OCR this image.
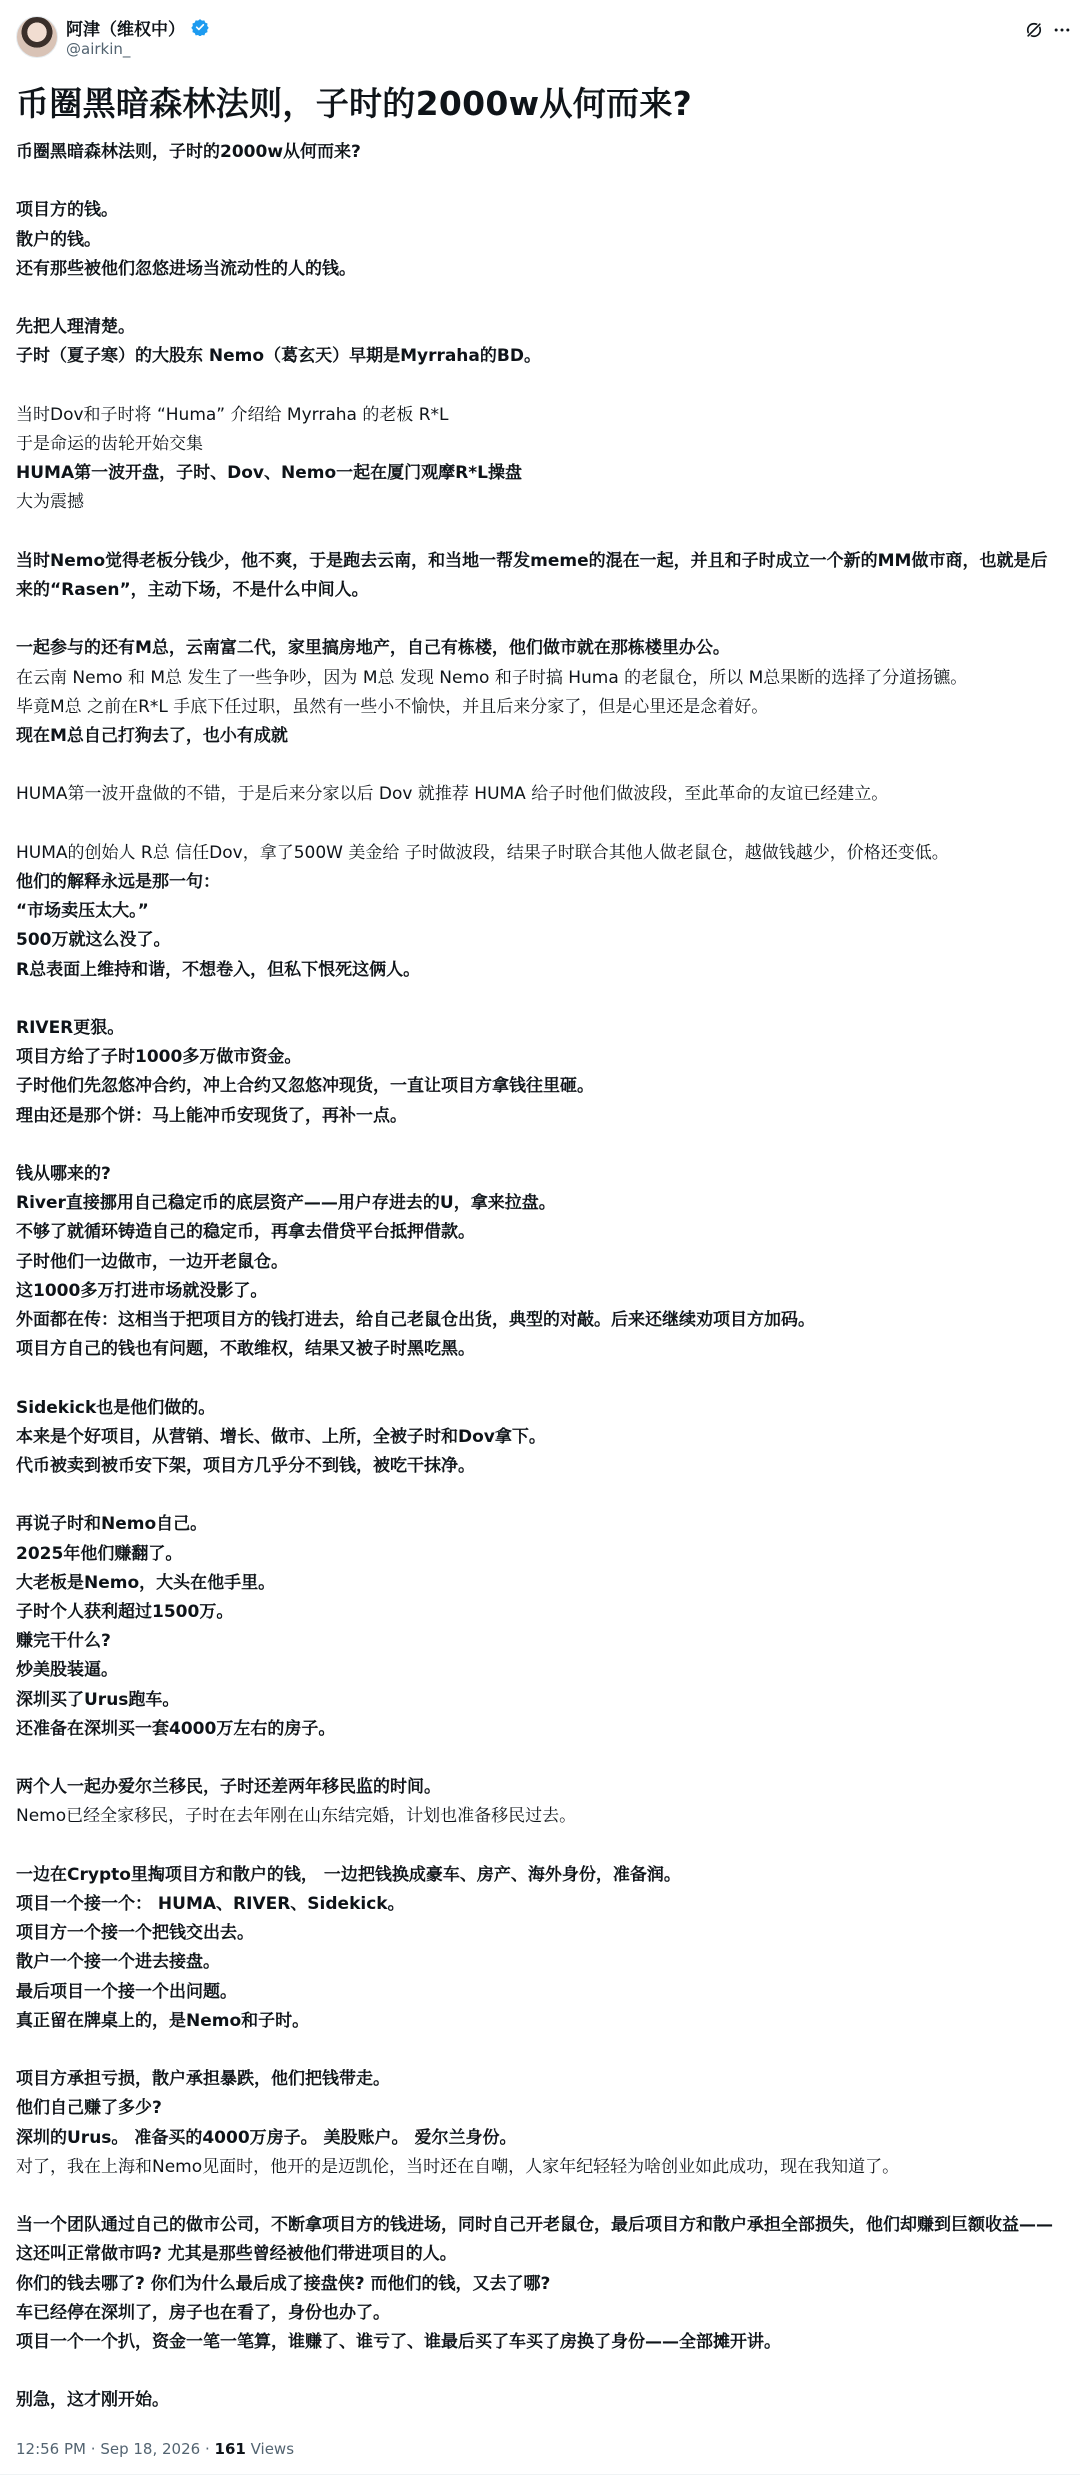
阿津（维权中）
@airkin_
币圈黑暗森林法则，子时的2000w从何而来?
币圈黑暗森林法则，子时的2000w从何而来?
项目方的钱。
散户的钱。
还有那些被他们忽悠进场当流动性的人的钱。
先把人理清楚。
子时（夏子寒）的大股东 Nemo（葛玄天）早期是Myrraha的BD。
当时Dov和子时将 “Huma” 介绍给 Myrraha 的老板 R*L
于是命运的齿轮开始交集
HUMA第一波开盘，子时、Dov、Nemo一起在厦门观摩R*L操盘
大为震撼
当时Nemo觉得老板分钱少，他不爽，于是跑去云南，和当地一帮发meme的混在一起，并且和子时成立一个新的MM做市商，也就是后来的“Rasen”，主动下场，不是什么中间人。
一起参与的还有M总，云南富二代，家里搞房地产，自己有栋楼，他们做市就在那栋楼里办公。
在云南 Nemo 和 M总 发生了一些争吵，因为 M总 发现 Nemo 和子时搞 Huma 的老鼠仓，所以 M总果断的选择了分道扬镳。
毕竟M总 之前在R*L 手底下任过职，虽然有一些小不愉快，并且后来分家了，但是心里还是念着好。
现在M总自己打狗去了，也小有成就
HUMA第一波开盘做的不错，于是后来分家以后 Dov 就推荐 HUMA 给子时他们做波段，至此革命的友谊已经建立。
HUMA的创始人 R总 信任Dov，拿了500W 美金给 子时做波段，结果子时联合其他人做老鼠仓，越做钱越少，价格还变低。
他们的解释永远是那一句：
“市场卖压太大。”
500万就这么没了。
R总表面上维持和谐，不想卷入，但私下恨死这俩人。
RIVER更狠。
项目方给了子时1000多万做市资金。
子时他们先忽悠冲合约，冲上合约又忽悠冲现货，一直让项目方拿钱往里砸。
理由还是那个饼：马上能冲币安现货了，再补一点。
钱从哪来的?
River直接挪用自己稳定币的底层资产——用户存进去的U，拿来拉盘。
不够了就循环铸造自己的稳定币，再拿去借贷平台抵押借款。
子时他们一边做市，一边开老鼠仓。
这1000多万打进市场就没影了。
外面都在传：这相当于把项目方的钱打进去，给自己老鼠仓出货，典型的对敲。后来还继续劝项目方加码。
项目方自己的钱也有问题，不敢维权，结果又被子时黑吃黑。
Sidekick也是他们做的。
本来是个好项目，从营销、增长、做市、上所，全被子时和Dov拿下。
代币被卖到被币安下架，项目方几乎分不到钱，被吃干抹净。
再说子时和Nemo自己。
2025年他们赚翻了。
大老板是Nemo，大头在他手里。
子时个人获利超过1500万。
赚完干什么?
炒美股装逼。
深圳买了Urus跑车。
还准备在深圳买一套4000万左右的房子。
两个人一起办爱尔兰移民，子时还差两年移民监的时间。
Nemo已经全家移民，子时在去年刚在山东结完婚，计划也准备移民过去。
一边在Crypto里掏项目方和散户的钱， 一边把钱换成豪车、房产、海外身份，准备润。
项目一个接一个： HUMA、RIVER、Sidekick。
项目方一个接一个把钱交出去。
散户一个接一个进去接盘。
最后项目一个接一个出问题。
真正留在牌桌上的，是Nemo和子时。
项目方承担亏损，散户承担暴跌，他们把钱带走。
他们自己赚了多少?
深圳的Urus。 准备买的4000万房子。 美股账户。 爱尔兰身份。
对了，我在上海和Nemo见面时，他开的是迈凯伦，当时还在自嘲，人家年纪轻轻为啥创业如此成功，现在我知道了。
当一个团队通过自己的做市公司，不断拿项目方的钱进场，同时自己开老鼠仓，最后项目方和散户承担全部损失，他们却赚到巨额收益——这还叫正常做市吗? 尤其是那些曾经被他们带进项目的人。
你们的钱去哪了? 你们为什么最后成了接盘侠? 而他们的钱，又去了哪?
车已经停在深圳了，房子也在看了，身份也办了。
项目一个一个扒，资金一笔一笔算，谁赚了、谁亏了、谁最后买了车买了房换了身份——全部摊开讲。
别急，这才刚开始。
12:56 PM · Sep 18, 2026 · 161 Views
